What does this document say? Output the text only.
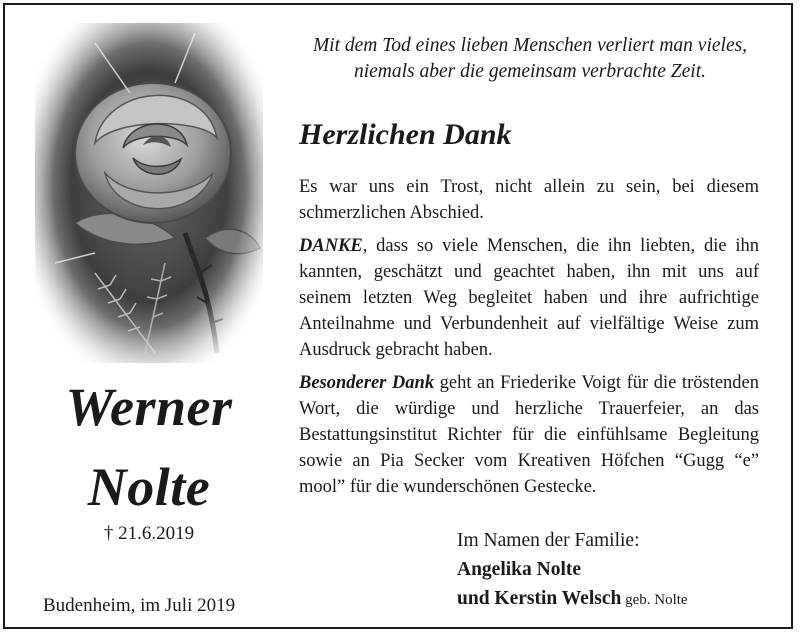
Werner
Nolte
† 21.6.2019
Budenheim, im Juli 2019
Mit dem Tod eines lieben Menschen verliert man vieles,
niemals aber die gemeinsam verbrachte Zeit.
Herzlichen Dank

Es war uns ein Trost, nicht allein zu sein, bei diesem schmerzlichen Abschied.

DANKE, dass so viele Menschen, die ihn liebten, die ihn kannten, geschätzt und geachtet haben, ihn mit uns auf seinem letzten Weg begleitet haben und ihre aufrichtige Anteilnahme und Verbundenheit auf vielfältige Weise zum Ausdruck gebracht haben.

Besonderer Dank geht an Friederike Voigt für die tröstenden Wort, die würdige und herzliche Trauerfeier, an das Bestattungsinstitut Richter für die einfühlsame Begleitung sowie an Pia Secker vom Kreativen Höfchen “Gugg “e” mool” für die wunderschönen Gestecke.

Im Namen der Familie:
Angelika Nolte
und Kerstin Welsch geb. Nolte
